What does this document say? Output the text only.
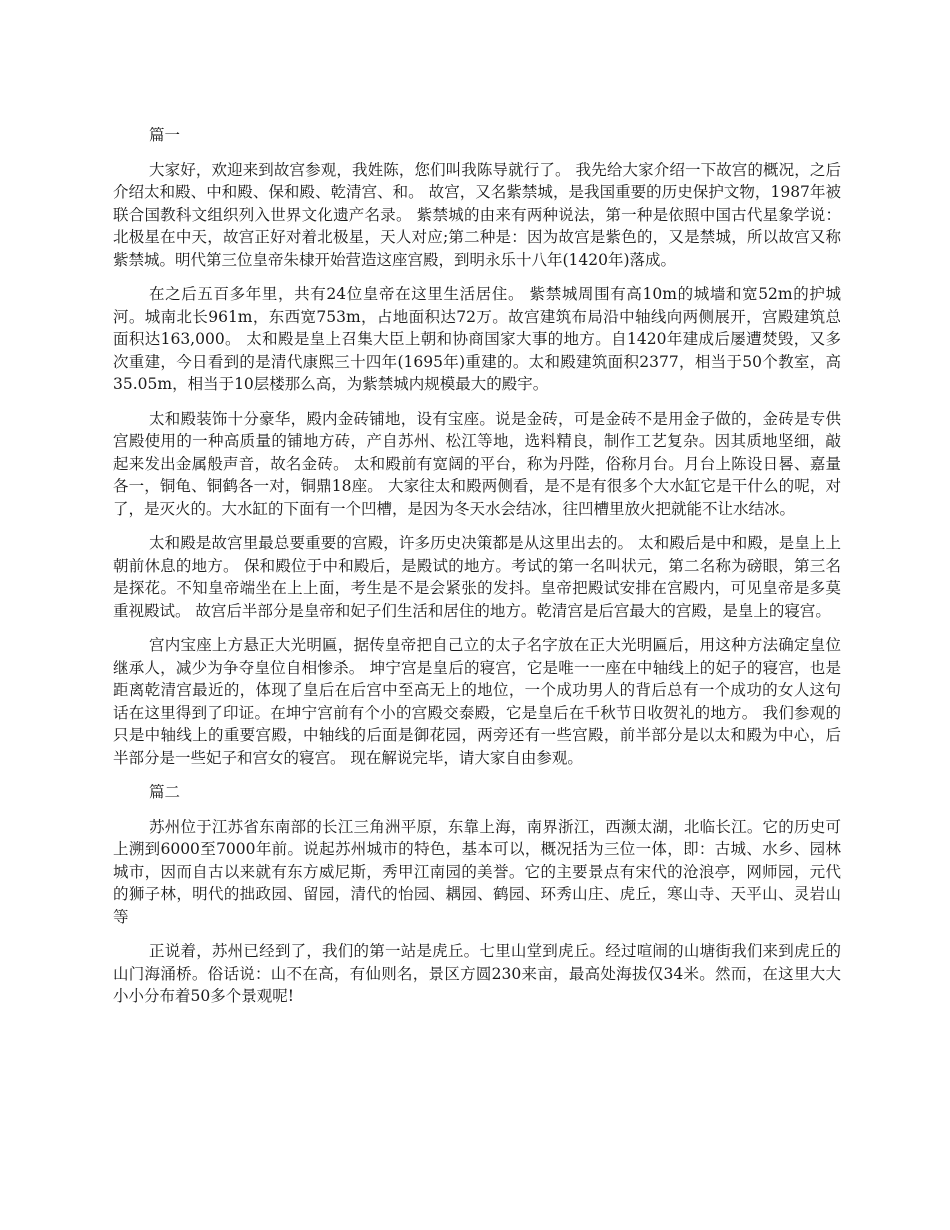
篇一

大家好，欢迎来到故宫参观，我姓陈，您们叫我陈导就行了。 我先给大家介绍一下故宫的概况，之后介绍太和殿、中和殿、保和殿、乾清宫、和。 故宫，又名紫禁城，是我国重要的历史保护文物，1987年被联合国教科文组织列入世界文化遗产名录。 紫禁城的由来有两种说法，第一种是依照中国古代星象学说：北极星在中天，故宫正好对着北极星，天人对应;第二种是：因为故宫是紫色的，又是禁城，所以故宫又称紫禁城。明代第三位皇帝朱棣开始营造这座宫殿，到明永乐十八年(1420年)落成。

在之后五百多年里，共有24位皇帝在这里生活居住。 紫禁城周围有高10m的城墙和宽52m的护城河。城南北长961m，东西宽753m，占地面积达72万。故宫建筑布局沿中轴线向两侧展开，宫殿建筑总面积达163,000。 太和殿是皇上召集大臣上朝和协商国家大事的地方。自1420年建成后屡遭焚毁，又多次重建，今日看到的是清代康熙三十四年(1695年)重建的。太和殿建筑面积2377，相当于50个教室，高35.05m，相当于10层楼那么高，为紫禁城内规模最大的殿宇。

太和殿装饰十分豪华，殿内金砖铺地，设有宝座。说是金砖，可是金砖不是用金子做的，金砖是专供宫殿使用的一种高质量的铺地方砖，产自苏州、松江等地，选料精良，制作工艺复杂。因其质地坚细，敲起来发出金属般声音，故名金砖。 太和殿前有宽阔的平台，称为丹陛，俗称月台。月台上陈设日晷、嘉量各一，铜龟、铜鹤各一对，铜鼎18座。 大家往太和殿两侧看，是不是有很多个大水缸它是干什么的呢，对了，是灭火的。大水缸的下面有一个凹槽，是因为冬天水会结冰，往凹槽里放火把就能不让水结冰。

太和殿是故宫里最总要重要的宫殿，许多历史决策都是从这里出去的。 太和殿后是中和殿，是皇上上朝前休息的地方。 保和殿位于中和殿后，是殿试的地方。考试的第一名叫状元，第二名称为磅眼，第三名是探花。不知皇帝端坐在上上面，考生是不是会紧张的发抖。皇帝把殿试安排在宫殿内，可见皇帝是多莫重视殿试。 故宫后半部分是皇帝和妃子们生活和居住的地方。乾清宫是后宫最大的宫殿，是皇上的寝宫。

宫内宝座上方悬正大光明匾，据传皇帝把自己立的太子名字放在正大光明匾后，用这种方法确定皇位继承人，减少为争夺皇位自相惨杀。 坤宁宫是皇后的寝宫，它是唯一一座在中轴线上的妃子的寝宫，也是距离乾清宫最近的，体现了皇后在后宫中至高无上的地位，一个成功男人的背后总有一个成功的女人这句话在这里得到了印证。在坤宁宫前有个小的宫殿交泰殿，它是皇后在千秋节日收贺礼的地方。 我们参观的只是中轴线上的重要宫殿，中轴线的后面是御花园，两旁还有一些宫殿，前半部分是以太和殿为中心，后半部分是一些妃子和宫女的寝宫。 现在解说完毕，请大家自由参观。

篇二

苏州位于江苏省东南部的长江三角洲平原，东靠上海，南界浙江，西濒太湖，北临长江。它的历史可上溯到6000至7000年前。说起苏州城市的特色，基本可以，概况括为三位一体，即：古城、水乡、园林城市，因而自古以来就有东方威尼斯，秀甲江南园的美誉。它的主要景点有宋代的沧浪亭，网师园，元代的狮子林，明代的拙政园、留园，清代的怡园、耦园、鹤园、环秀山庄、虎丘，寒山寺、天平山、灵岩山等

正说着，苏州已经到了，我们的第一站是虎丘。七里山堂到虎丘。经过喧闹的山塘街我们来到虎丘的山门海涌桥。俗话说：山不在高，有仙则名，景区方圆230来亩，最高处海拔仅34米。然而，在这里大大小小分布着50多个景观呢!
